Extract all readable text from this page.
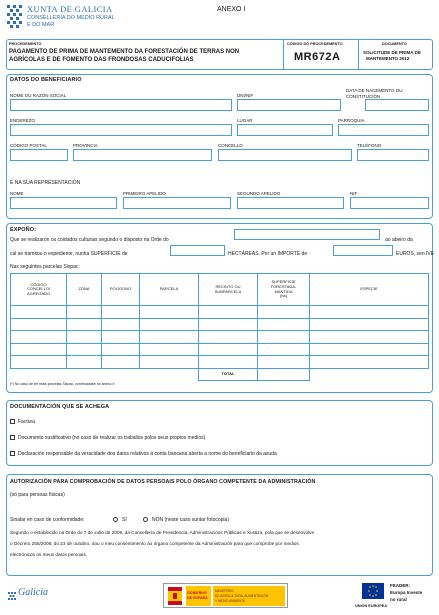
XUNTA DE GALICIA
CONSELLERÍA DO MEDIO RURAL
E DO MAR
ANEXO I
PROCEDEMENTO
PAGAMENTO DE PRIMA DE MANTEMENTO DA FORESTACIÓN DE TERRAS NON
AGRÍCOLAS E DE FOMENTO DAS FRONDOSAS CADUCIFOLIAS
CÓDIGO DO PROCEDEMENTO
MR672A
DOCUMENTO
SOLICITUDE DE PRIMA DE
MANTEMENTO 2012
DATOS DO BENEFICIARIO
NOME OU RAZÓN SOCIAL	DNI/NIF
DATA DE NACEMENTO OU
CONSTITUCIÓN
ENDEREZO	LUGAR	PARROQUIA
CÓDIGO POSTAL	PROVINCIA	CONCELLO	TELÉFONO
E NA SÚA REPRESENTACIÓN
NOME	PRIMEIRO APELIDO	SEGUNDO APELIDO	NIF
EXPOÑO:
Que se realizaron os coidados culturais segundo o disposto na Orde do	ao abeiro da
cal se tramitou o expediente, nunha SUPERFICIE de	HECTÁREAS. Por un IMPORTE de	EUROS, sen IVE
Nas seguintes parcelas Sixpac:
CÓDIGO
CONCELLO/
AGREGADO	ZONA	POLÍGONO	PARCELA	RECINTO OU
SUBPARCELA	SUPERFICIE
FORESTADA-
MANTIDA
(ha)	ESPECIE

				TOTAL		
(*) No caso de ter máis parcelas Sixpac, continuarase no anexo II
DOCUMENTACIÓN QUE SE ACHEGA
Factura
Documento xustificativo (no caso de realizar os traballos polos seus propios medios)
Declaración responsable da veracidade dos datos relativos á conta bancaria aberta a nome do beneficiario da axuda
AUTORIZACIÓN PARA COMPROBACIÓN DE DATOS PERSOAIS POLO ÓRGANO COMPETENTE DA ADMINISTRACIÓN
(só para persoas físicas)
Sinalar en caso de conformidade:	SI	NON (neste caso xuntar fotocopia)
Segundo o establecido na Orde do 7 de xullo de 2009, da Consellería de Presidencia, Administracións Públicas e Xustiza, pola que se desenvolve
o Decreto 255/2008, do 23 de outubro, dou o meu consentimento ao órgano competente da Administración para que comprobe por medios
electrónicos os meus datos persoais.
Galicia	GOBIERNO
DE ESPAÑA
MINISTERIO
DE AGRICULTURA, ALIMENTACIÓN
Y MEDIO AMBIENTE
FEADER:
Europa Investe
no rural
UNIÓN EUROPEA
